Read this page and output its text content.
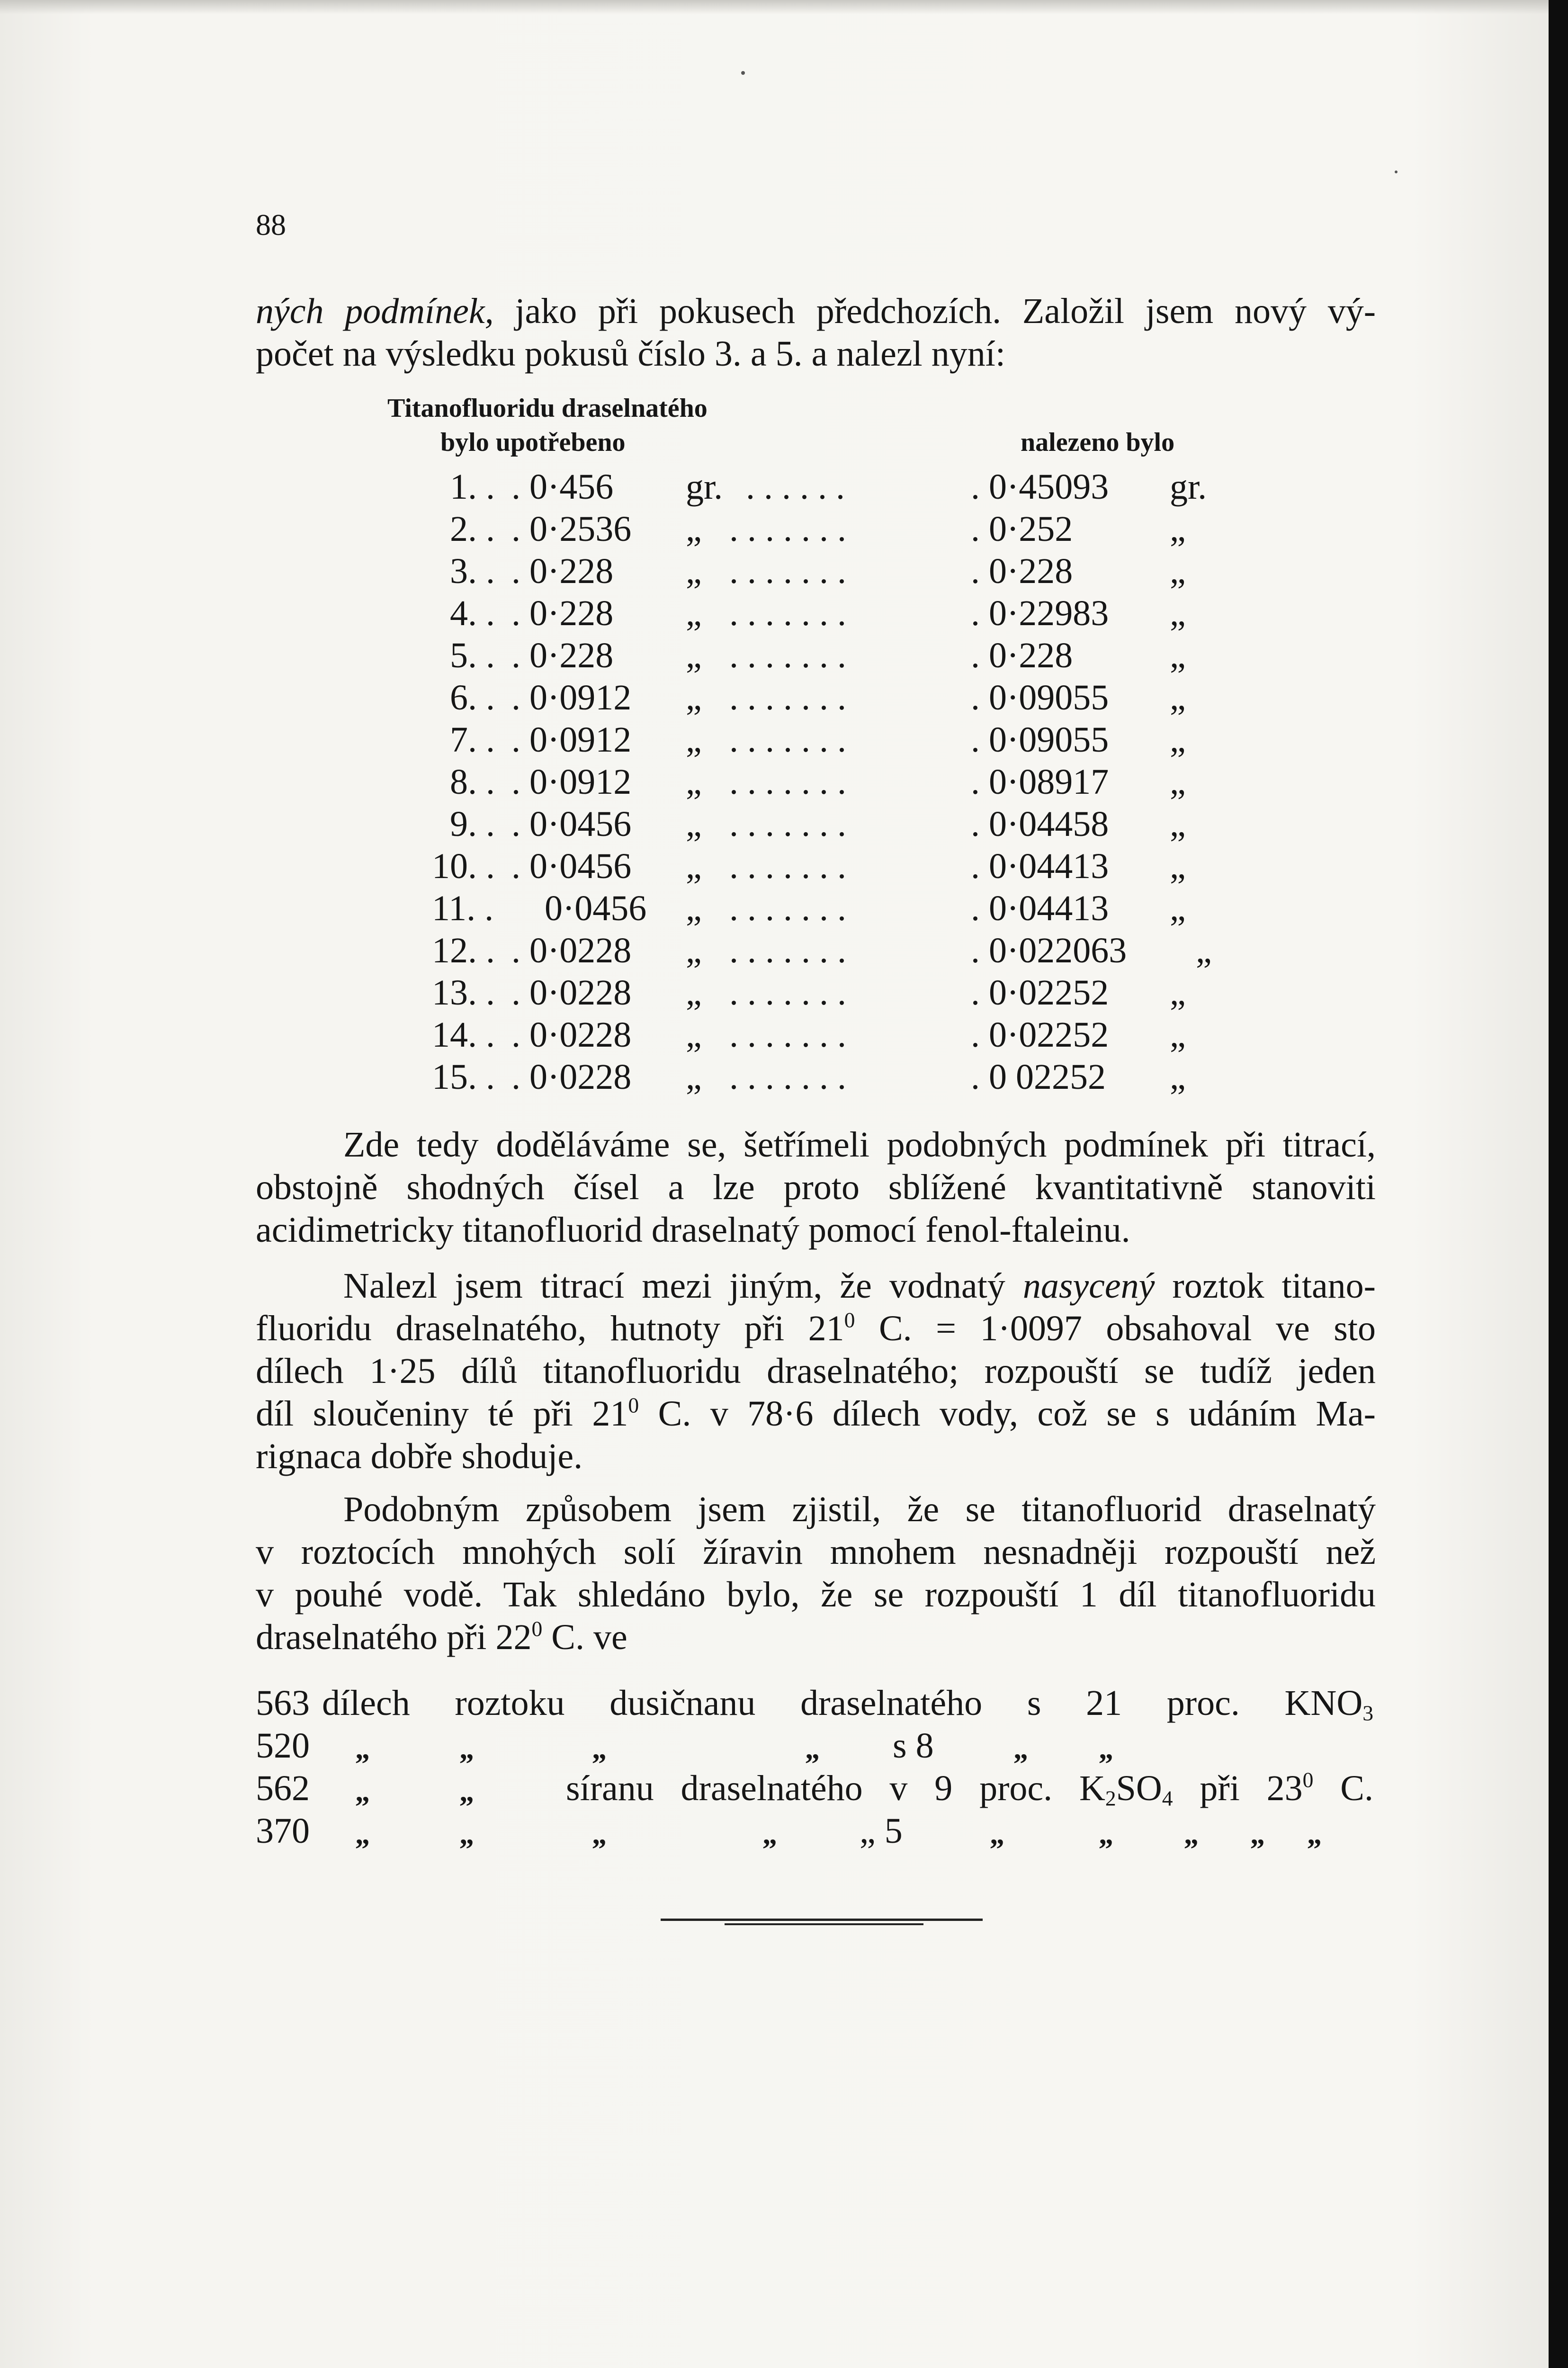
88
ných podmínek, jako při pokusech předchozích. Založil jsem nový vý-
počet na výsledku pokusů číslo 3. a 5. a nalezl nyní:
Titanofluoridu draselnatého
bylo upotřebeno	nalezeno bylo
1. . . 0·456 gr. . . . . . .	. 0·45093 gr.
2. . . 0·2536 „ . . . . . . .	. 0·252	„
3. . . 0·228 „ . . . . . . .	. 0·228	„
4. . . 0·228 „ . . . . . . .	. 0·22983 „
5. . . 0·228 „ . . . . . . .	. 0·228	„
6. . . 0·0912 „ . . . . . . .	. 0·09055 „
7. . . 0·0912 „ . . . . . . .	. 0·09055 „
8. . . 0·0912 „ . . . . . . .	. 0·08917 „
9. . . 0·0456 „ . . . . . . .	. 0·04458 „
10. . . 0·0456 „ . . . . . . .	. 0·04413 „
11. . 0·0456 „ . . . . . . .	. 0·04413 „
12. . . 0·0228 „ . . . . . . .	. 0·022063 „
13. . . 0·0228 „ . . . . . . .	. 0·02252 „
14. . . 0·0228 „ . . . . . . .	. 0·02252 „
15. . . 0·0228 „ . . . . . . .	. 0 02252 „
Zde tedy doděláváme se, šetřímeli podobných podmínek při titrací,
obstojně shodných čísel a lze proto sblížené kvantitativně stanoviti
acidimetricky titanofluorid draselnatý pomocí fenol-ftaleinu.
Nalezl jsem titrací mezi jiným, že vodnatý nasycený roztok titano-
fluoridu draselnatého, hutnoty při $21^0$ C. = 1·0097 obsahoval ve sto
dílech 1·25 dílů titanofluoridu draselnatého; rozpouští se tudíž jeden
díl sloučeniny té při $21^0$ C. v 78·6 dílech vody, což se s udáním Ma-
rignaca dobře shoduje.
Podobným způsobem jsem zjistil, že se titanofluorid draselnatý
v roztocích mnohých solí žíravin mnohem nesnadněji rozpouští než
v pouhé vodě. Tak shledáno bylo, že se rozpouští 1 díl titanofluoridu
draselnatého při $22^0$ C. ve
563 dílech roztoku dusičnanu draselnatého s 21 proc. $KNO_3$
520 „	„	„	„ s 8	„ „
562 „	„	síranu draselnatého v 9 proc. $K_2SO_4$ při $23^0$ C.
370 „	„	„	„ „ 5	„	„ „ „ „
